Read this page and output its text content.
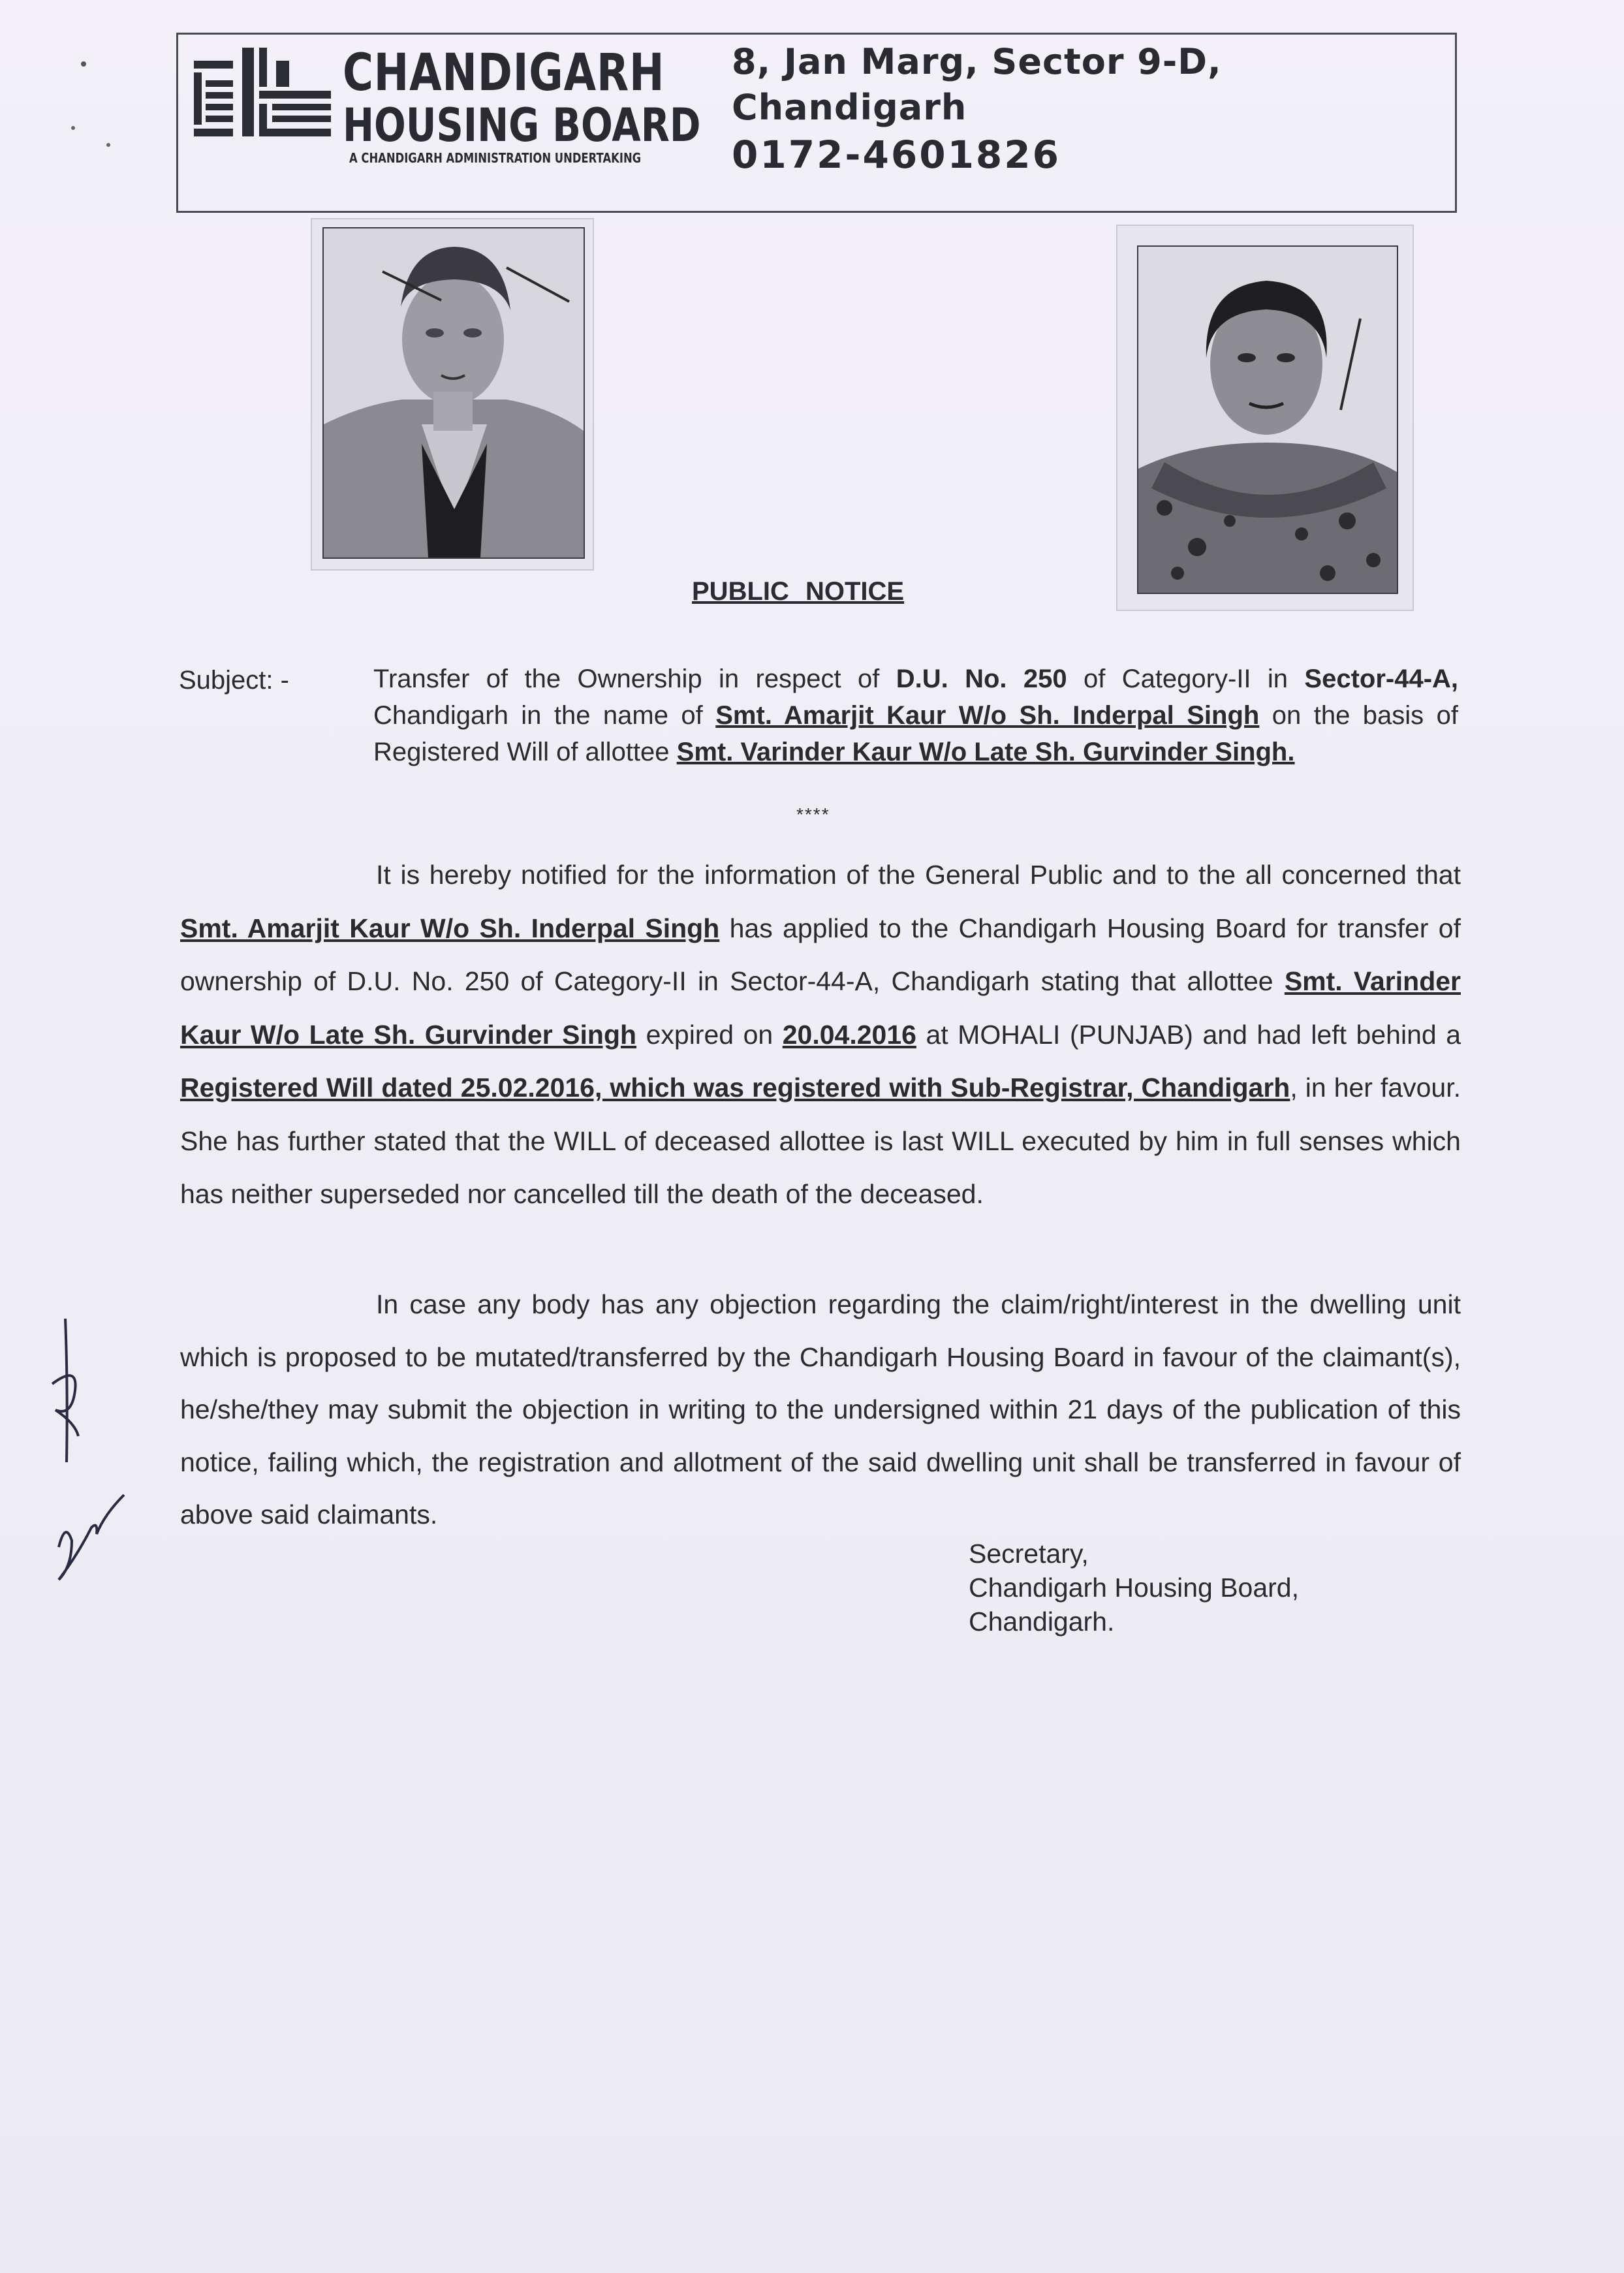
CHANDIGARH
HOUSING BOARD
A CHANDIGARH ADMINISTRATION UNDERTAKING
8, Jan Marg, Sector 9-D,
Chandigarh
0172-4601826
PUBLIC NOTICE
Subject: -	Transfer of the Ownership in respect of D.U. No. 250 of Category-II in Sector-44-A, Chandigarh in the name of Smt. Amarjit Kaur W/o Sh. Inderpal Singh on the basis of Registered Will of allottee Smt. Varinder Kaur W/o Late Sh. Gurvinder Singh.
****
It is hereby notified for the information of the General Public and to the all concerned that Smt. Amarjit Kaur W/o Sh. Inderpal Singh has applied to the Chandigarh Housing Board for transfer of ownership of D.U. No. 250 of Category-II in Sector-44-A, Chandigarh stating that allottee Smt. Varinder Kaur W/o Late Sh. Gurvinder Singh expired on 20.04.2016 at MOHALI (PUNJAB) and had left behind a Registered Will dated 25.02.2016, which was registered with Sub-Registrar, Chandigarh, in her favour. She has further stated that the WILL of deceased allottee is last WILL executed by him in full senses which has neither superseded nor cancelled till the death of the deceased.
In case any body has any objection regarding the claim/right/interest in the dwelling unit which is proposed to be mutated/transferred by the Chandigarh Housing Board in favour of the claimant(s), he/she/they may submit the objection in writing to the undersigned within 21 days of the publication of this notice, failing which, the registration and allotment of the said dwelling unit shall be transferred in favour of above said claimants.
Secretary,
Chandigarh Housing Board,
Chandigarh.
